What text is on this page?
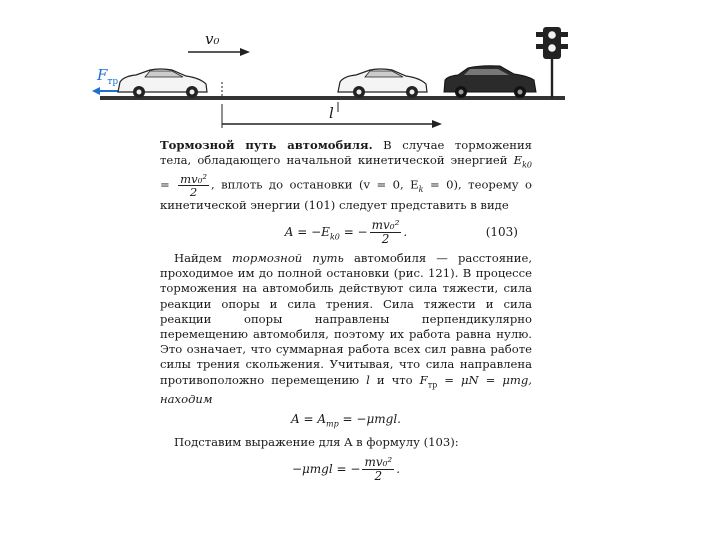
v₀
$F_{тр}$
l

Тормозной путь автомобиля. В случае торможения тела, обладающего начальной кинетической энергией $E_{k0} = \frac{\text{mv₀²}}{2}$ , вплоть до остановки (v = 0, $E_k = 0$), теорему о кинетической энергии (101) следует представить в виде

$A = -E_{k0}$ = − $\frac{\text{mv₀²}}{2}$ .	(103)

Найдем тормозной путь автомобиля — расстояние, проходимое им до полной остановки (рис. 121). В процессе торможения на автомобиль действуют сила тяжести, сила реакции опоры и сила трения. Сила тяжести и сила реакции опоры направлены перпендикулярно перемещению автомобиля, поэтому их работа равна нулю. Это означает, что суммарная работа всех сил равна работе силы трения скольжения. Учитывая, что сила направлена противоположно перемещению l и что $F_{тр} = \mu N = \mu mg$, находим

$A = A_{тр} = -\mu mgl$.

Подставим выражение для A в формулу (103):

−μmgl = − $\frac{\text{mv₀²}}{2}$ .
